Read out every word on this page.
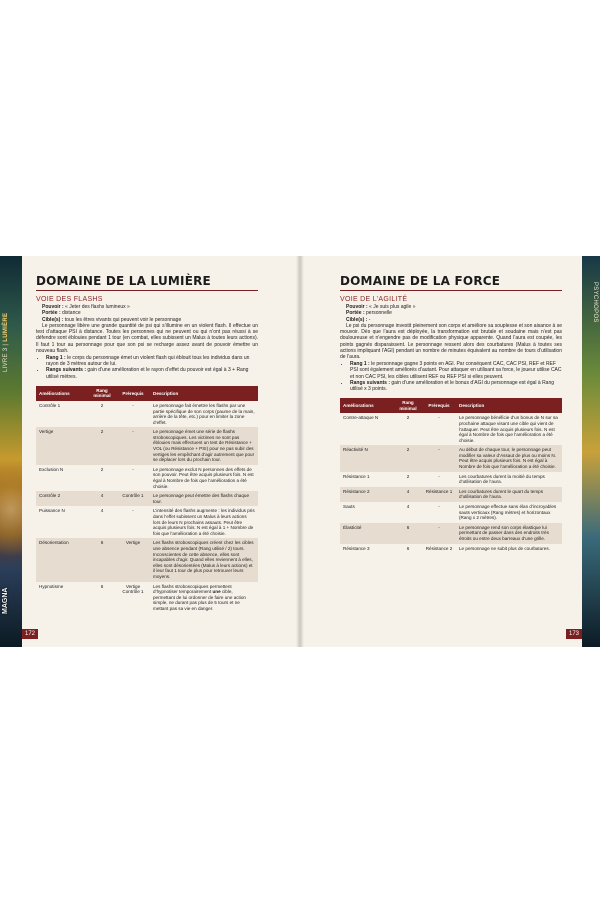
LIVRE 3 | LUMIÈRE
MAGNA
172
DOMAINE DE LA LUMIÈRE
VOIE DES FLASHS
Pouvoir : « Jeter des flashs lumineux »
Portée : distance
Cible(s) : tous les êtres vivants qui peuvent voir le personnage

Le personnage libère une grande quantité de psi qui s’illumine en un violent flash. Il effectue un test d’attaque PSI à distance. Toutes les personnes qui ne peuvent ou qui n’ont pas réussi à se défendre sont éblouies pendant 1 tour (en combat, elles subissent un Malus à toutes leurs actions). Il faut 1 tour au personnage pour que son psi se recharge assez avant de pouvoir émettre un nouveau flash.

• Rang 1 : le corps du personnage émet un violent flash qui éblouit tous les individus dans un rayon de 3 mètres autour de lui.
• Rangs suivants : gain d’une amélioration et le rayon d’effet du pouvoir est égal à 3 + Rang utilisé mètres.
Améliorations	Rang minimal	Prérequis	Description
Contrôle 1	2	-	Le personnage fait émettre les flashs par une partie spécifique de son corps (paume de la main, arrière de la tête, etc.) pour en limiter la zone d’effet.
Vertige	2	-	Le personnage émet une série de flashs stroboscopiques. Les victimes ne sont pas éblouies mais effectuent un test de Résistance + VOL (ou Résistance + PSI) pour ne pas subir des vertiges les empêchant d’agir autrement que pour se déplacer lors du prochain tour.
Exclusion N	2	-	Le personnage exclut N personnes des effets de son pouvoir. Peut être acquis plusieurs fois. N est égal à Nombre de fois que l’amélioration a été choisie.
Contrôle 2	4	Contrôle 1	Le personnage peut émettre des flashs chaque tour.
Puissance N	4	-	L’intensité des flashs augmente : les individus pris dans l’effet subissent un Malus à leurs actions lors de leurs N prochains assauts. Peut être acquis plusieurs fois. N est égal à 1 + Nombre de fois que l’amélioration a été choisie.
Désorientation	6	Vertige	Les flashs stroboscopiques créent chez les cibles une absence pendant (Rang utilisé / 2) tours. Inconscientes de cette absence, elles sont incapables d’agir. Quand elles reviennent à elles, elles sont désorientées (Malus à leurs actions) et il leur faut 1 tour de plus pour retrouver leurs moyens.
Hypnotisme	6	Vertige Contrôle 1	Les flashs stroboscopiques permettent d’hypnotiser temporairement une cible, permettant de lui ordonner de faire une action simple, ne durant pas plus de 5 tours et ne mettant pas sa vie en danger.
PSYCHOPOS
173
DOMAINE DE LA FORCE
VOIE DE L’AGILITÉ
Pouvoir : « Je suis plus agile »
Portée : personnelle
Cible(s) : -

Le psi du personnage investit pleinement son corps et améliore sa souplesse et son aisance à se mouvoir. Dès que l’aura est déployée, la transformation est brutale et soudaine mais n’est pas douloureuse et n’engendre pas de modification physique apparente. Quand l’aura est coupée, les points gagnés disparaissent. Le personnage ressent alors des courbatures (Malus à toutes ses actions impliquant l’AGI) pendant un nombre de minutes équivalent au nombre de tours d’utilisation de l’aura.

• Rang 1 : le personnage gagne 3 points en AGI. Par conséquent CAC, CAC PSI, REF et REF PSI sont également améliorés d’autant. Pour attaquer en utilisant sa force, le joueur utilise CAC et non CAC PSI, les cibles utilisent REF ou REF PSI si elles peuvent.
• Rangs suivants : gain d’une amélioration et le bonus d’AGI du personnage est égal à Rang utilisé x 3 points.
Améliorations	Rang minimal	Prérequis	Description
Contre-attaque N	2	-	Le personnage bénéficie d’un bonus de N sur sa prochaine attaque visant une cible qui vient de l’attaquer. Peut être acquis plusieurs fois. N est égal à Nombre de fois que l’amélioration a été choisie.
Réactivité N	2	-	Au début de chaque tour, le personnage peut modifier sa valeur d’Assaut de plus ou moins N. Peut être acquis plusieurs fois. N est égal à Nombre de fois que l’amélioration a été choisie.
Résistance 1	2	-	Les courbatures durent la moitié du temps d’utilisation de l’aura.
Résistance 2	4	Résistance 1	Les courbatures durent le quart du temps d’utilisation de l’aura.
Sauts	4	-	Le personnage effectue sans élan d’incroyables sauts verticaux (Rang mètres) et horizontaux (Rang x 2 mètres).
Élasticité	6	-	Le personnage rend son corps élastique lui permettant de passer dans des endroits très étroits ou entre deux barreaux d’une grille.
Résistance 3	6	Résistance 2	Le personnage ne subit plus de courbatures.
